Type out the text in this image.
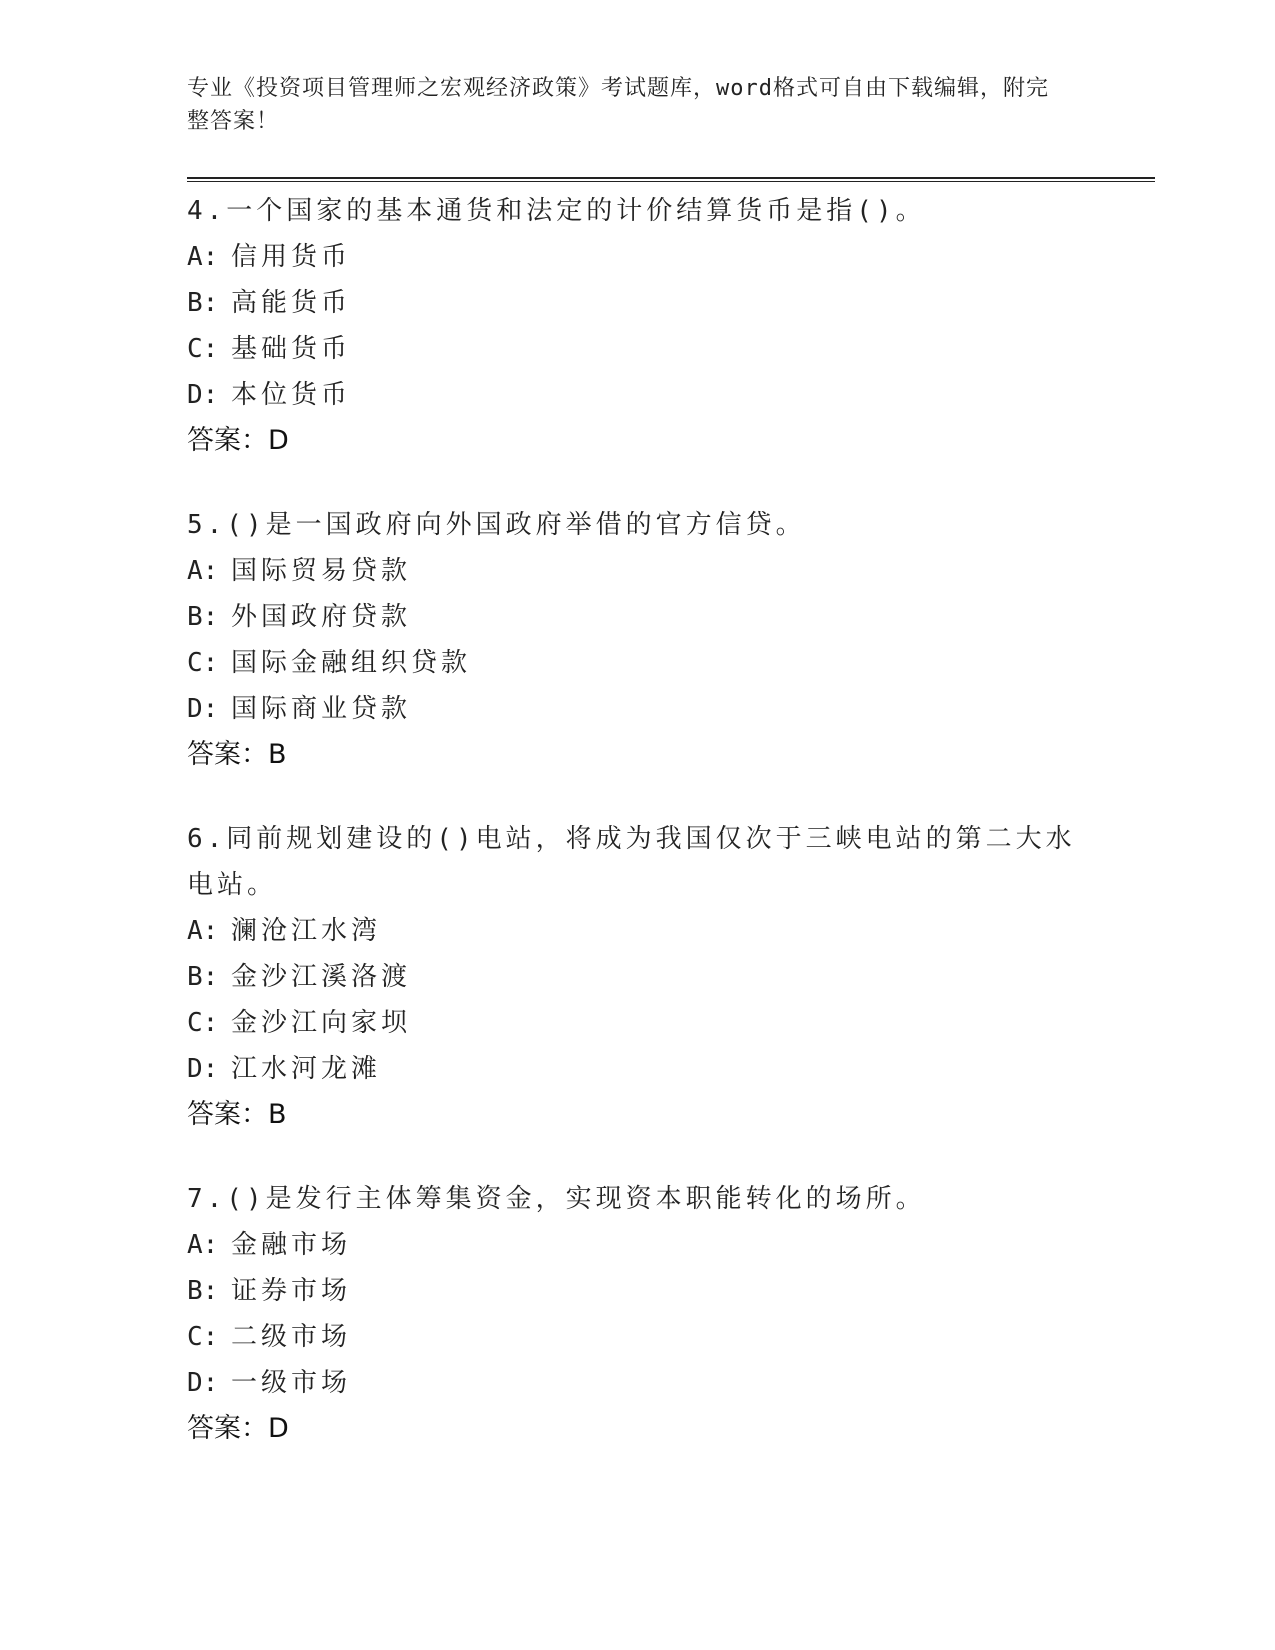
专业《投资项目管理师之宏观经济政策》考试题库，word格式可自由下载编辑，附完整答案！

4.一个国家的基本通货和法定的计价结算货币是指()。

A: 信用货币

B: 高能货币

C: 基础货币

D: 本位货币

答案：D

5.()是一国政府向外国政府举借的官方信贷。

A: 国际贸易贷款

B: 外国政府贷款

C: 国际金融组织贷款

D: 国际商业贷款

答案：B

6.同前规划建设的()电站，将成为我国仅次于三峡电站的第二大水电站。

A: 澜沧江水湾

B: 金沙江溪洛渡

C: 金沙江向家坝

D: 江水河龙滩

答案：B

7.()是发行主体筹集资金，实现资本职能转化的场所。

A: 金融市场

B: 证券市场

C: 二级市场

D: 一级市场

答案：D
